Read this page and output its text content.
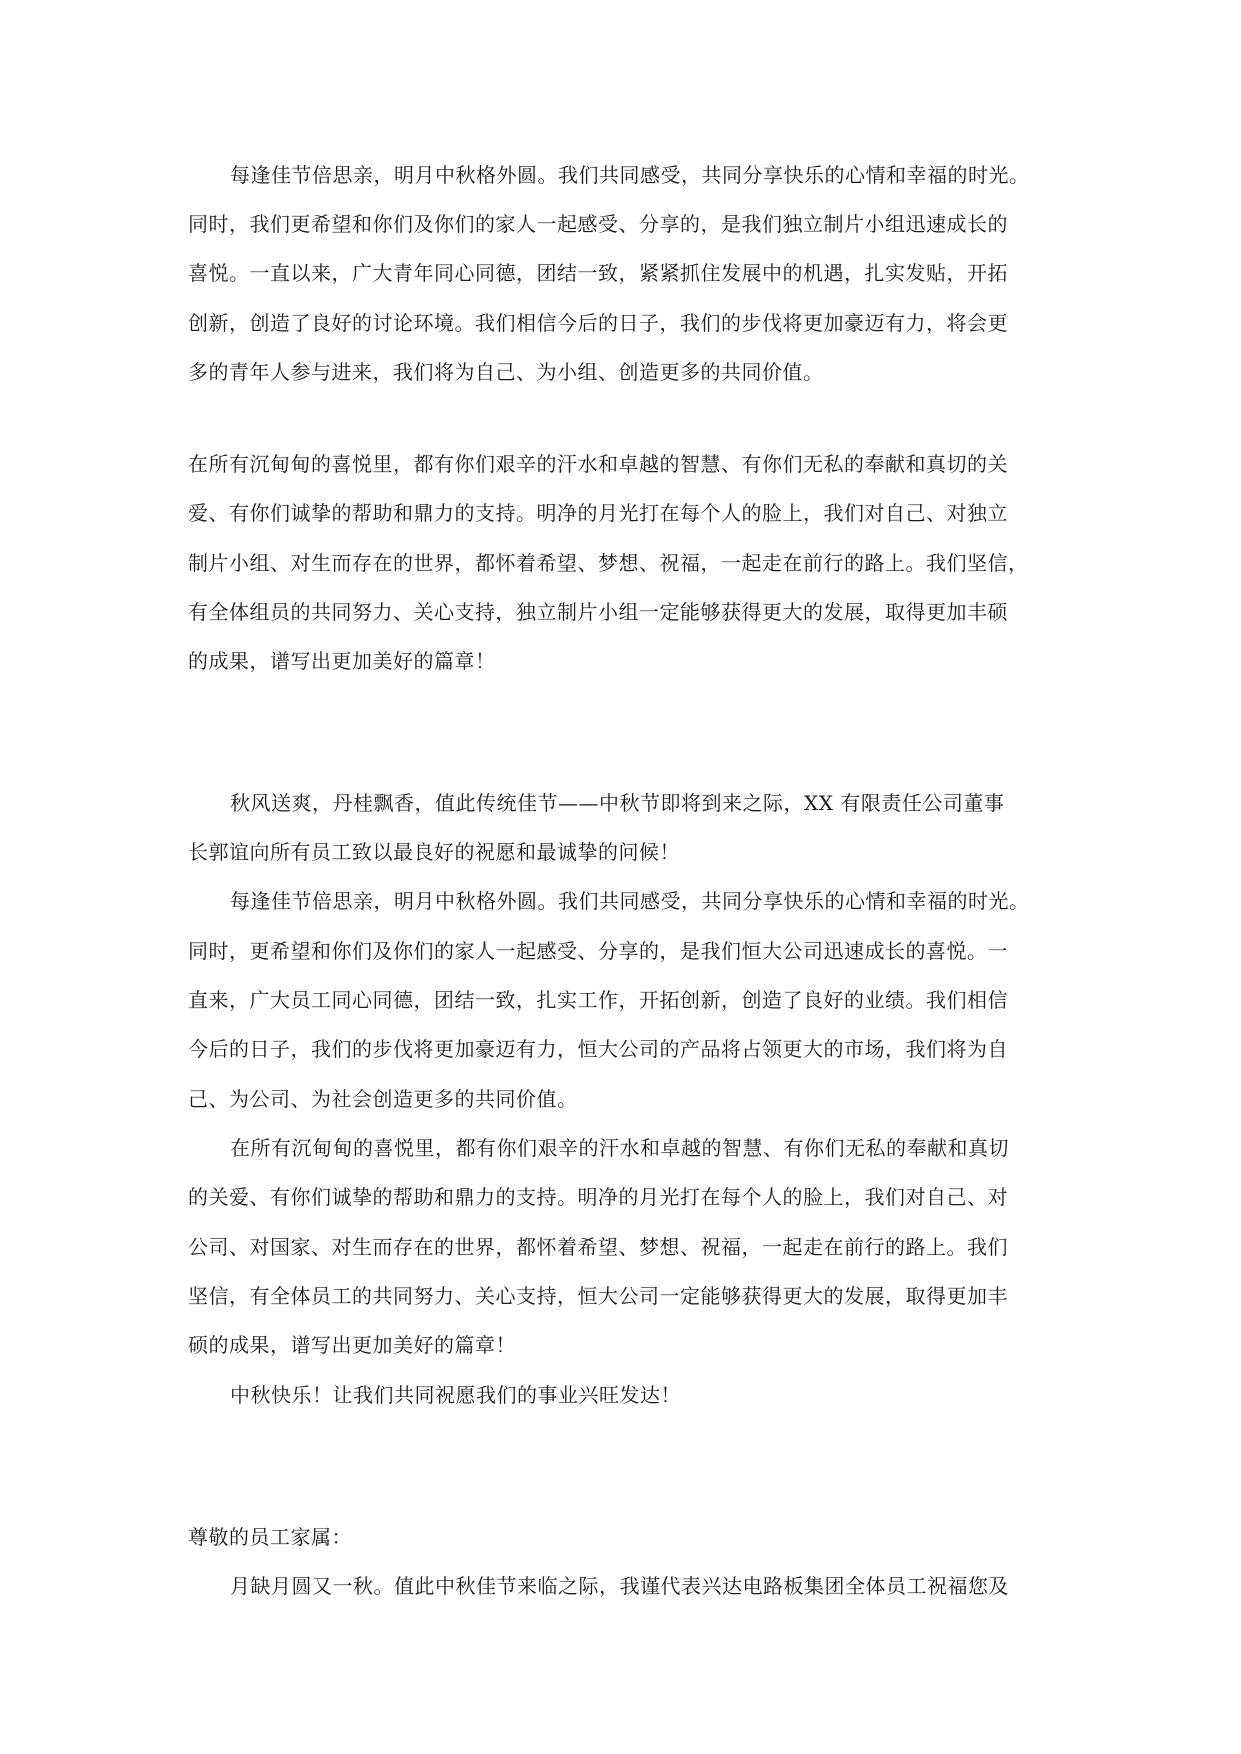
每逢佳节倍思亲，明月中秋格外圆。我们共同感受，共同分享快乐的心情和幸福的时光。

同时，我们更希望和你们及你们的家人一起感受、分享的，是我们独立制片小组迅速成长的

喜悦。一直以来，广大青年同心同德，团结一致，紧紧抓住发展中的机遇，扎实发贴，开拓

创新，创造了良好的讨论环境。我们相信今后的日子，我们的步伐将更加豪迈有力，将会更

多的青年人参与进来，我们将为自己、为小组、创造更多的共同价值。

在所有沉甸甸的喜悦里，都有你们艰辛的汗水和卓越的智慧、有你们无私的奉献和真切的关

爱、有你们诚挚的帮助和鼎力的支持。明净的月光打在每个人的脸上，我们对自己、对独立

制片小组、对生而存在的世界，都怀着希望、梦想、祝福，一起走在前行的路上。我们坚信，

有全体组员的共同努力、关心支持，独立制片小组一定能够获得更大的发展，取得更加丰硕

的成果，谱写出更加美好的篇章！

秋风送爽，丹桂飘香，值此传统佳节——中秋节即将到来之际，XX 有限责任公司董事

长郭谊向所有员工致以最良好的祝愿和最诚挚的问候！

每逢佳节倍思亲，明月中秋格外圆。我们共同感受，共同分享快乐的心情和幸福的时光。

同时，更希望和你们及你们的家人一起感受、分享的，是我们恒大公司迅速成长的喜悦。一

直来，广大员工同心同德，团结一致，扎实工作，开拓创新，创造了良好的业绩。我们相信

今后的日子，我们的步伐将更加豪迈有力，恒大公司的产品将占领更大的市场，我们将为自

己、为公司、为社会创造更多的共同价值。

在所有沉甸甸的喜悦里，都有你们艰辛的汗水和卓越的智慧、有你们无私的奉献和真切

的关爱、有你们诚挚的帮助和鼎力的支持。明净的月光打在每个人的脸上，我们对自己、对

公司、对国家、对生而存在的世界，都怀着希望、梦想、祝福，一起走在前行的路上。我们

坚信，有全体员工的共同努力、关心支持，恒大公司一定能够获得更大的发展，取得更加丰

硕的成果，谱写出更加美好的篇章！

中秋快乐！让我们共同祝愿我们的事业兴旺发达！

尊敬的员工家属：

月缺月圆又一秋。值此中秋佳节来临之际，我谨代表兴达电路板集团全体员工祝福您及
